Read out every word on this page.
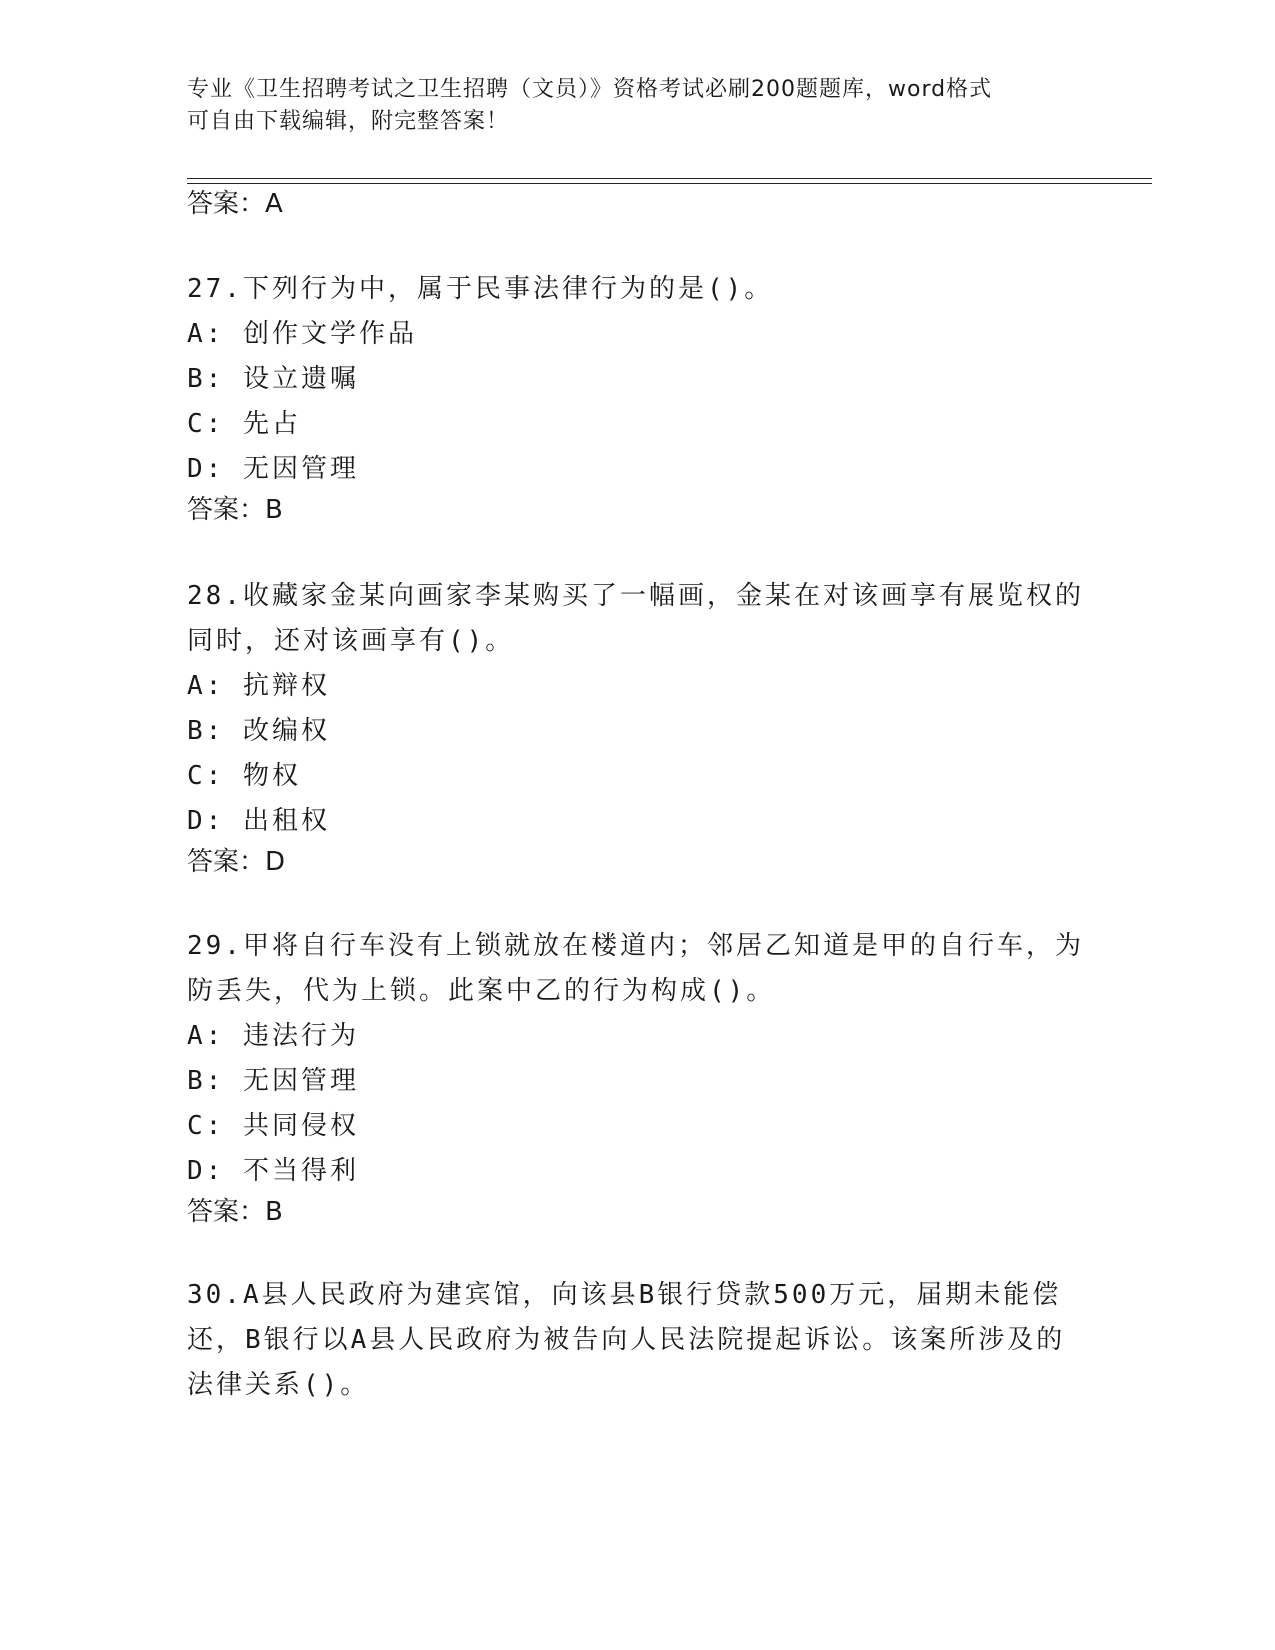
专业《卫生招聘考试之卫生招聘（文员）》资格考试必刷200题题库，word格式
可自由下载编辑，附完整答案！
答案：A
27.下列行为中，属于民事法律行为的是()。
A: 创作文学作品
B: 设立遗嘱
C: 先占
D: 无因管理
答案：B
28.收藏家金某向画家李某购买了一幅画，金某在对该画享有展览权的
同时，还对该画享有()。
A: 抗辩权
B: 改编权
C: 物权
D: 出租权
答案：D
29.甲将自行车没有上锁就放在楼道内；邻居乙知道是甲的自行车，为
防丢失，代为上锁。此案中乙的行为构成()。
A: 违法行为
B: 无因管理
C: 共同侵权
D: 不当得利
答案：B
30.A县人民政府为建宾馆，向该县B银行贷款500万元，届期未能偿
还，B银行以A县人民政府为被告向人民法院提起诉讼。该案所涉及的
法律关系()。
